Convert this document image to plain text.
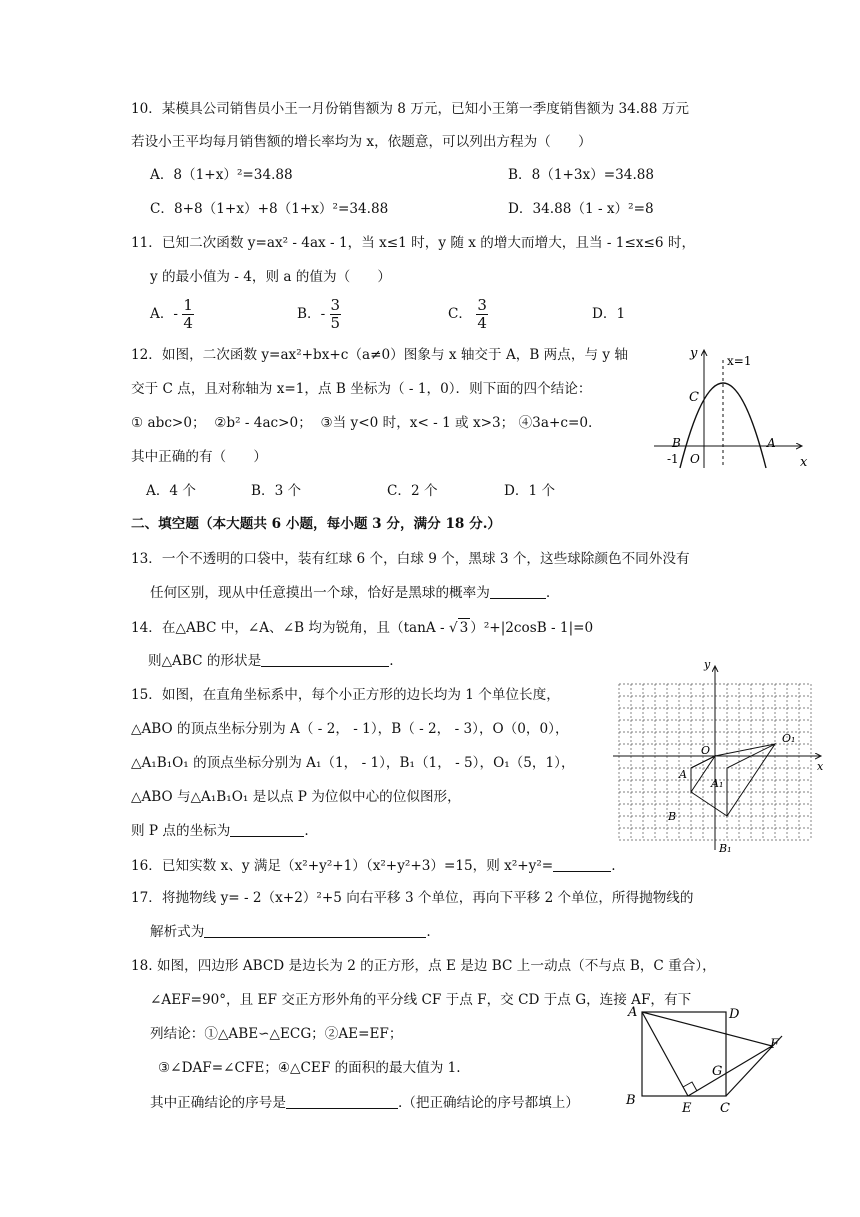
10．某模具公司销售员小王一月份销售额为 8 万元，已知小王第一季度销售额为 34.88 万元
若设小王平均每月销售额的增长率均为 x，依题意，可以列出方程为（　　）
A．8（1+x）²=34.88	B．8（1+3x）=34.88
C．8+8（1+x）+8（1+x）²=34.88	D．34.88（1 - x）²=8
11．已知二次函数 y=ax² - 4ax - 1，当 x≤1 时，y 随 x 的增大而增大，且当 - 1≤x≤6 时，
y 的最小值为 - 4，则 a 的值为（　　）
A．- $\frac{1}{4}$	B．- $\frac{3}{5}$	C． $\frac{3}{4}$	D．1
12．如图，二次函数 y=ax²+bx+c（a≠0）图象与 x 轴交于 A，B 两点，与 y 轴
交于 C 点，且对称轴为 x=1，点 B 坐标为（ - 1，0）．则下面的四个结论：
① abc>0； ②b² - 4ac>0； ③当 y<0 时，x< - 1 或 x>3； ④3a+c=0.
其中正确的有（　　）
A．4 个	B．3 个	C．2 个	D．1 个
y
x
x=1
C
B	A
-1 O
二、填空题（本大题共 6 小题，每小题 3 分，满分 18 分.）
13．一个不透明的口袋中，装有红球 6 个，白球 9 个，黑球 3 个，这些球除颜色不同外没有
任何区别，现从中任意摸出一个球，恰好是黑球的概率为	.
14．在△ABC 中，∠A、∠B 均为锐角，且（tanA - √ 3 ）²+|2cosB - 1|=0
则△ABC 的形状是	.
15．如图，在直角坐标系中，每个小正方形的边长均为 1 个单位长度，
△ABO 的顶点坐标分别为 A（ - 2， - 1），B（ - 2， - 3），O（0，0），
△A₁B₁O₁ 的顶点坐标分别为 A₁（1， - 1），B₁（1， - 5），O₁（5，1），
△ABO 与△A₁B₁O₁ 是以点 P 为位似中心的位似图形，
则 P 点的坐标为	.
y
x
O
O₁
A
A₁
B
B₁
16．已知实数 x、y 满足（x²+y²+1）（x²+y²+3）=15，则 x²+y²=	.
17．将抛物线 y= - 2（x+2）²+5 向右平移 3 个单位，再向下平移 2 个单位，所得抛物线的
解析式为	.
18. 如图，四边形 ABCD 是边长为 2 的正方形，点 E 是边 BC 上一动点（不与点 B，C 重合），
∠AEF=90°，且 EF 交正方形外角的平分线 CF 于点 F，交 CD 于点 G，连接 AF，有下
列结论：①△ABE∽△ECG；②AE=EF；
③∠DAF=∠CFE；④△CEF 的面积的最大值为 1.
其中正确结论的序号是	.（把正确结论的序号都填上）
A	D
F
G
B
E C
